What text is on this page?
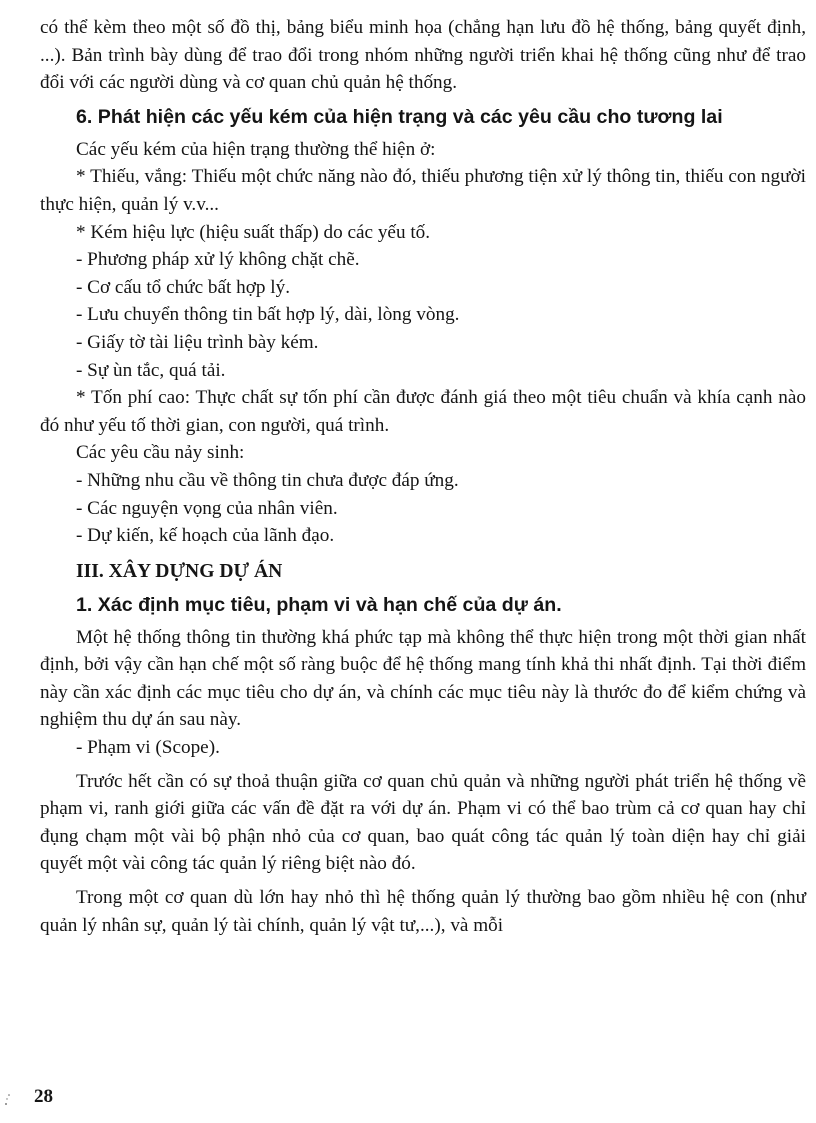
có thể kèm theo một số đồ thị, bảng biểu minh họa (chẳng hạn lưu đồ hệ thống, bảng quyết định, ...). Bản trình bày dùng để trao đổi trong nhóm những người triển khai hệ thống cũng như để trao đổi với các người dùng và cơ quan chủ quản hệ thống.

6. Phát hiện các yếu kém của hiện trạng và các yêu cầu cho tương lai

Các yếu kém của hiện trạng thường thể hiện ở:

* Thiếu, vắng: Thiếu một chức năng nào đó, thiếu phương tiện xử lý thông tin, thiếu con người thực hiện, quản lý v.v...

* Kém hiệu lực (hiệu suất thấp) do các yếu tố.

- Phương pháp xử lý không chặt chẽ.

- Cơ cấu tổ chức bất hợp lý.

- Lưu chuyển thông tin bất hợp lý, dài, lòng vòng.

- Giấy tờ tài liệu trình bày kém.

- Sự ùn tắc, quá tải.

* Tốn phí cao: Thực chất sự tốn phí cần được đánh giá theo một tiêu chuẩn và khía cạnh nào đó như yếu tố thời gian, con người, quá trình.

Các yêu cầu nảy sinh:

- Những nhu cầu về thông tin chưa được đáp ứng.

- Các nguyện vọng của nhân viên.

- Dự kiến, kế hoạch của lãnh đạo.

III. XÂY DỰNG DỰ ÁN
1. Xác định mục tiêu, phạm vi và hạn chế của dự án.

Một hệ thống thông tin thường khá phức tạp mà không thể thực hiện trong một thời gian nhất định, bởi vậy cần hạn chế một số ràng buộc để hệ thống mang tính khả thi nhất định. Tại thời điểm này cần xác định các mục tiêu cho dự án, và chính các mục tiêu này là thước đo để kiểm chứng và nghiệm thu dự án sau này.

- Phạm vi (Scope).

Trước hết cần có sự thoả thuận giữa cơ quan chủ quản và những người phát triển hệ thống về phạm vi, ranh giới giữa các vấn đề đặt ra với dự án. Phạm vi có thể bao trùm cả cơ quan hay chỉ đụng chạm một vài bộ phận nhỏ của cơ quan, bao quát công tác quản lý toàn diện hay chỉ giải quyết một vài công tác quản lý riêng biệt nào đó.

Trong một cơ quan dù lớn hay nhỏ thì hệ thống quản lý thường bao gồm nhiều hệ con (như quản lý nhân sự, quản lý tài chính, quản lý vật tư,...), và mỗi

28
